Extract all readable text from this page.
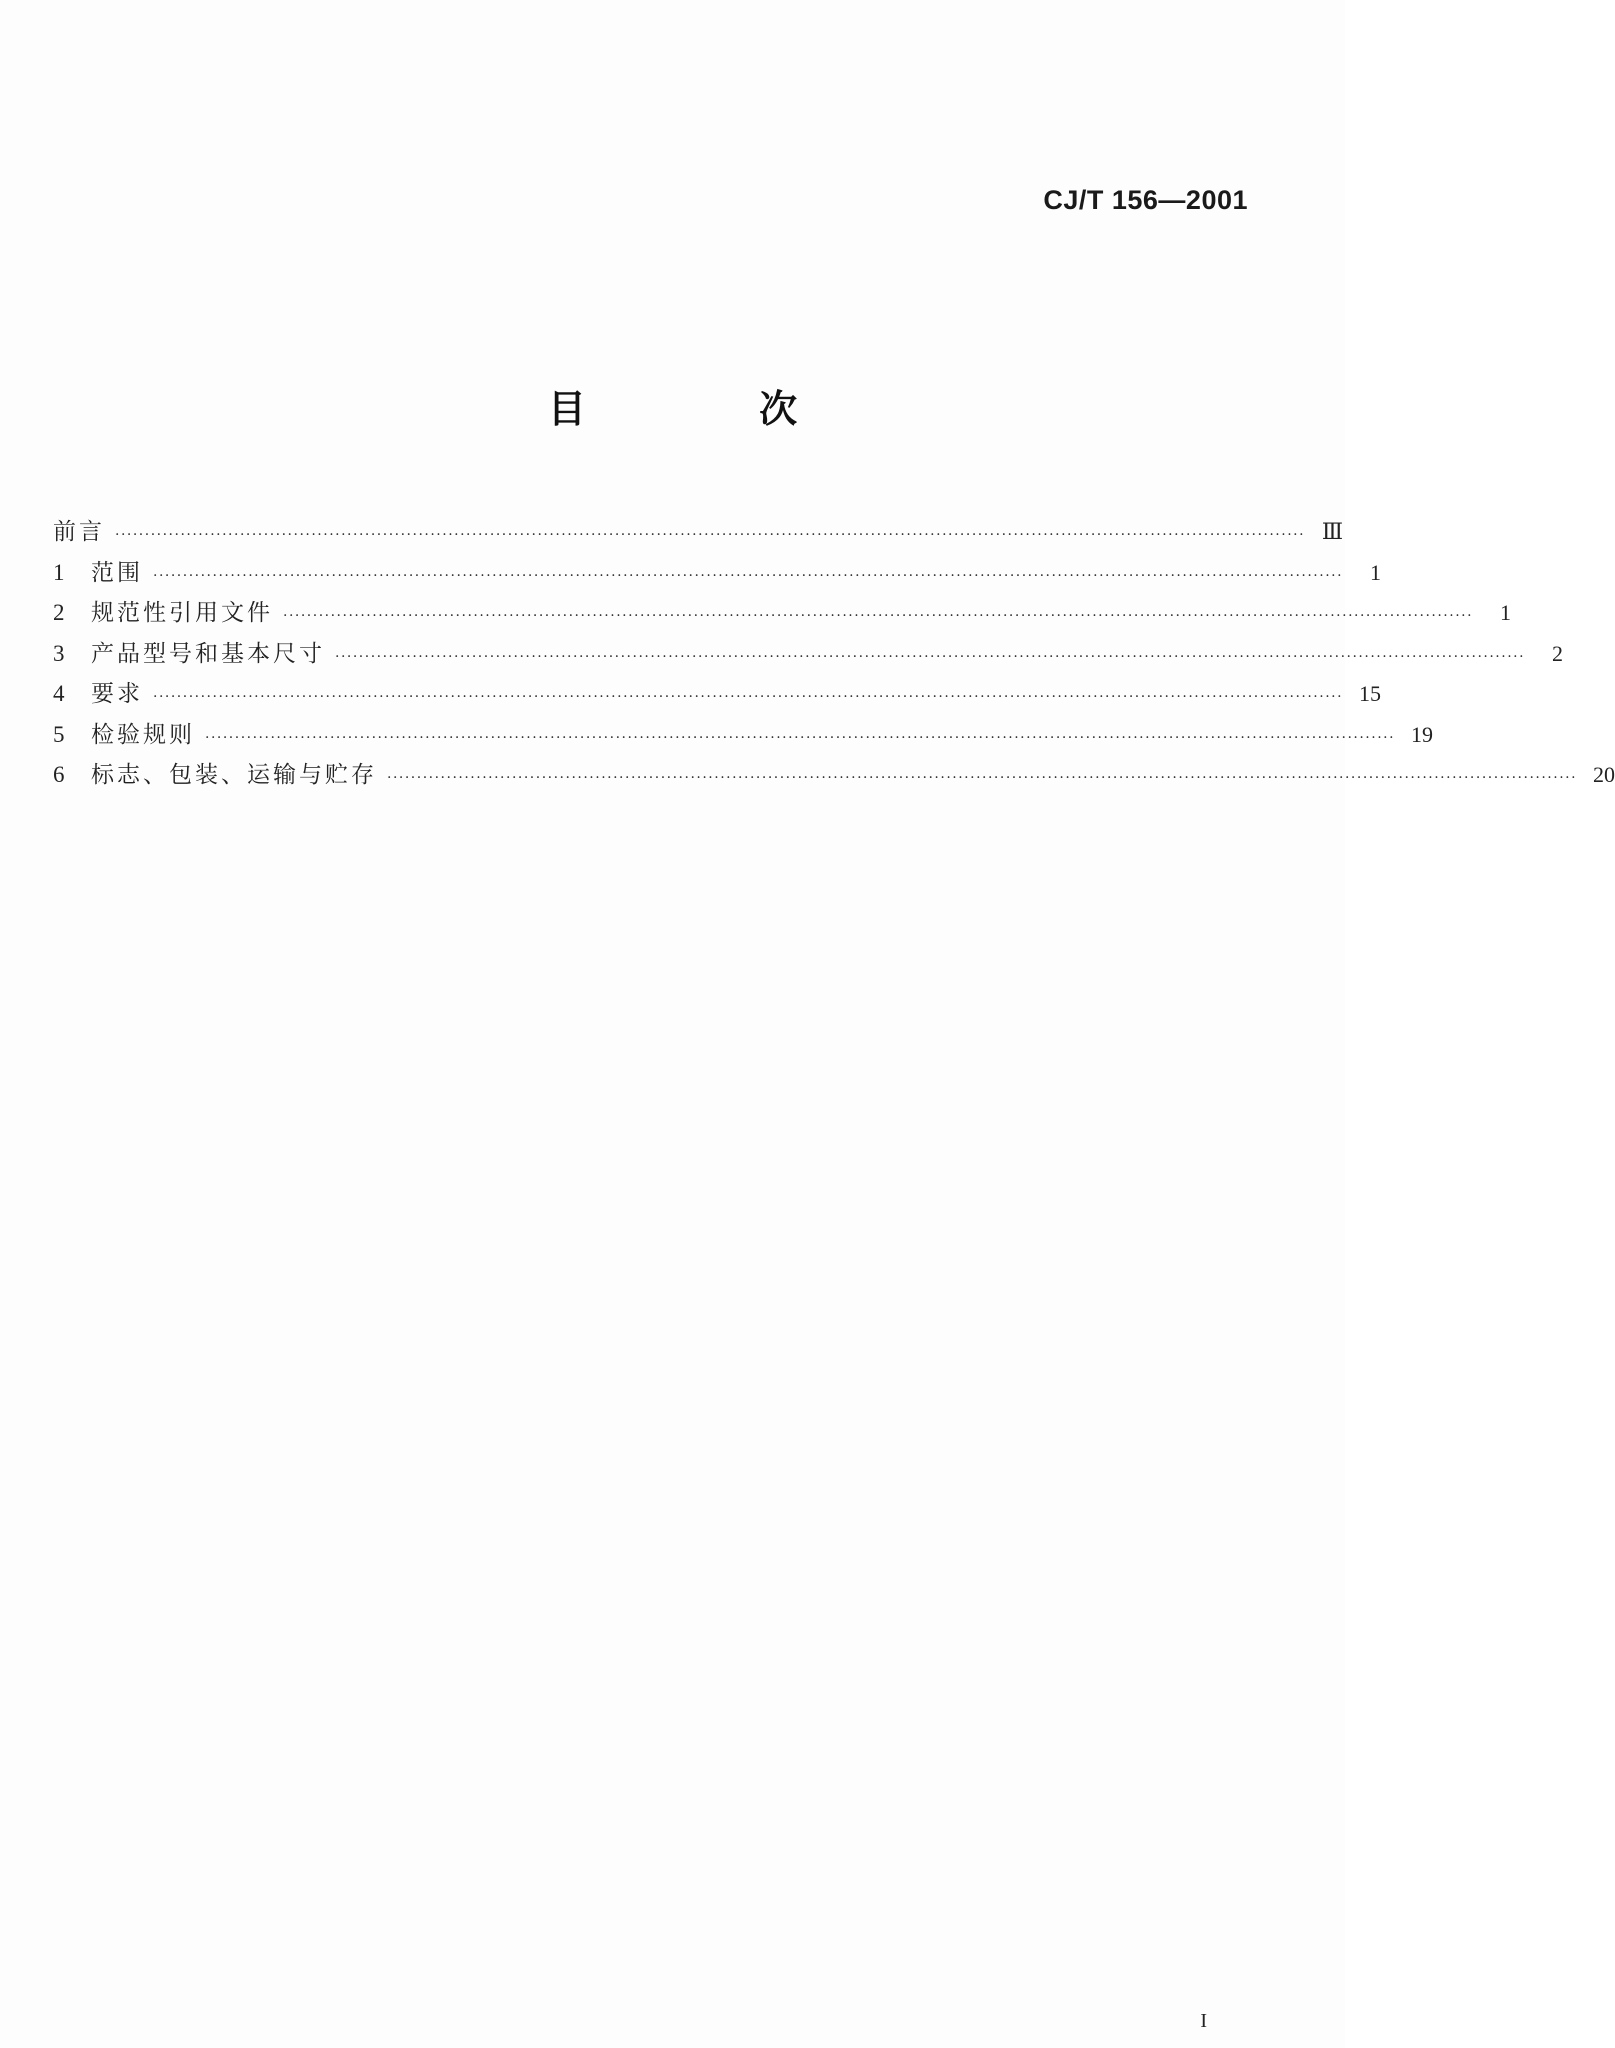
CJ/T 156—2001
目 次
前言 ········································································································································································································ Ⅲ
1	范围 ········································································································································································································	1
2	规范性引用文件 ········································································································································································································	1
3	产品型号和基本尺寸 ········································································································································································································	2
4	要求 ········································································································································································································ 15
5	检验规则 ········································································································································································································ 19
6	标志、包装、运输与贮存 ········································································································································································································ 20
I
